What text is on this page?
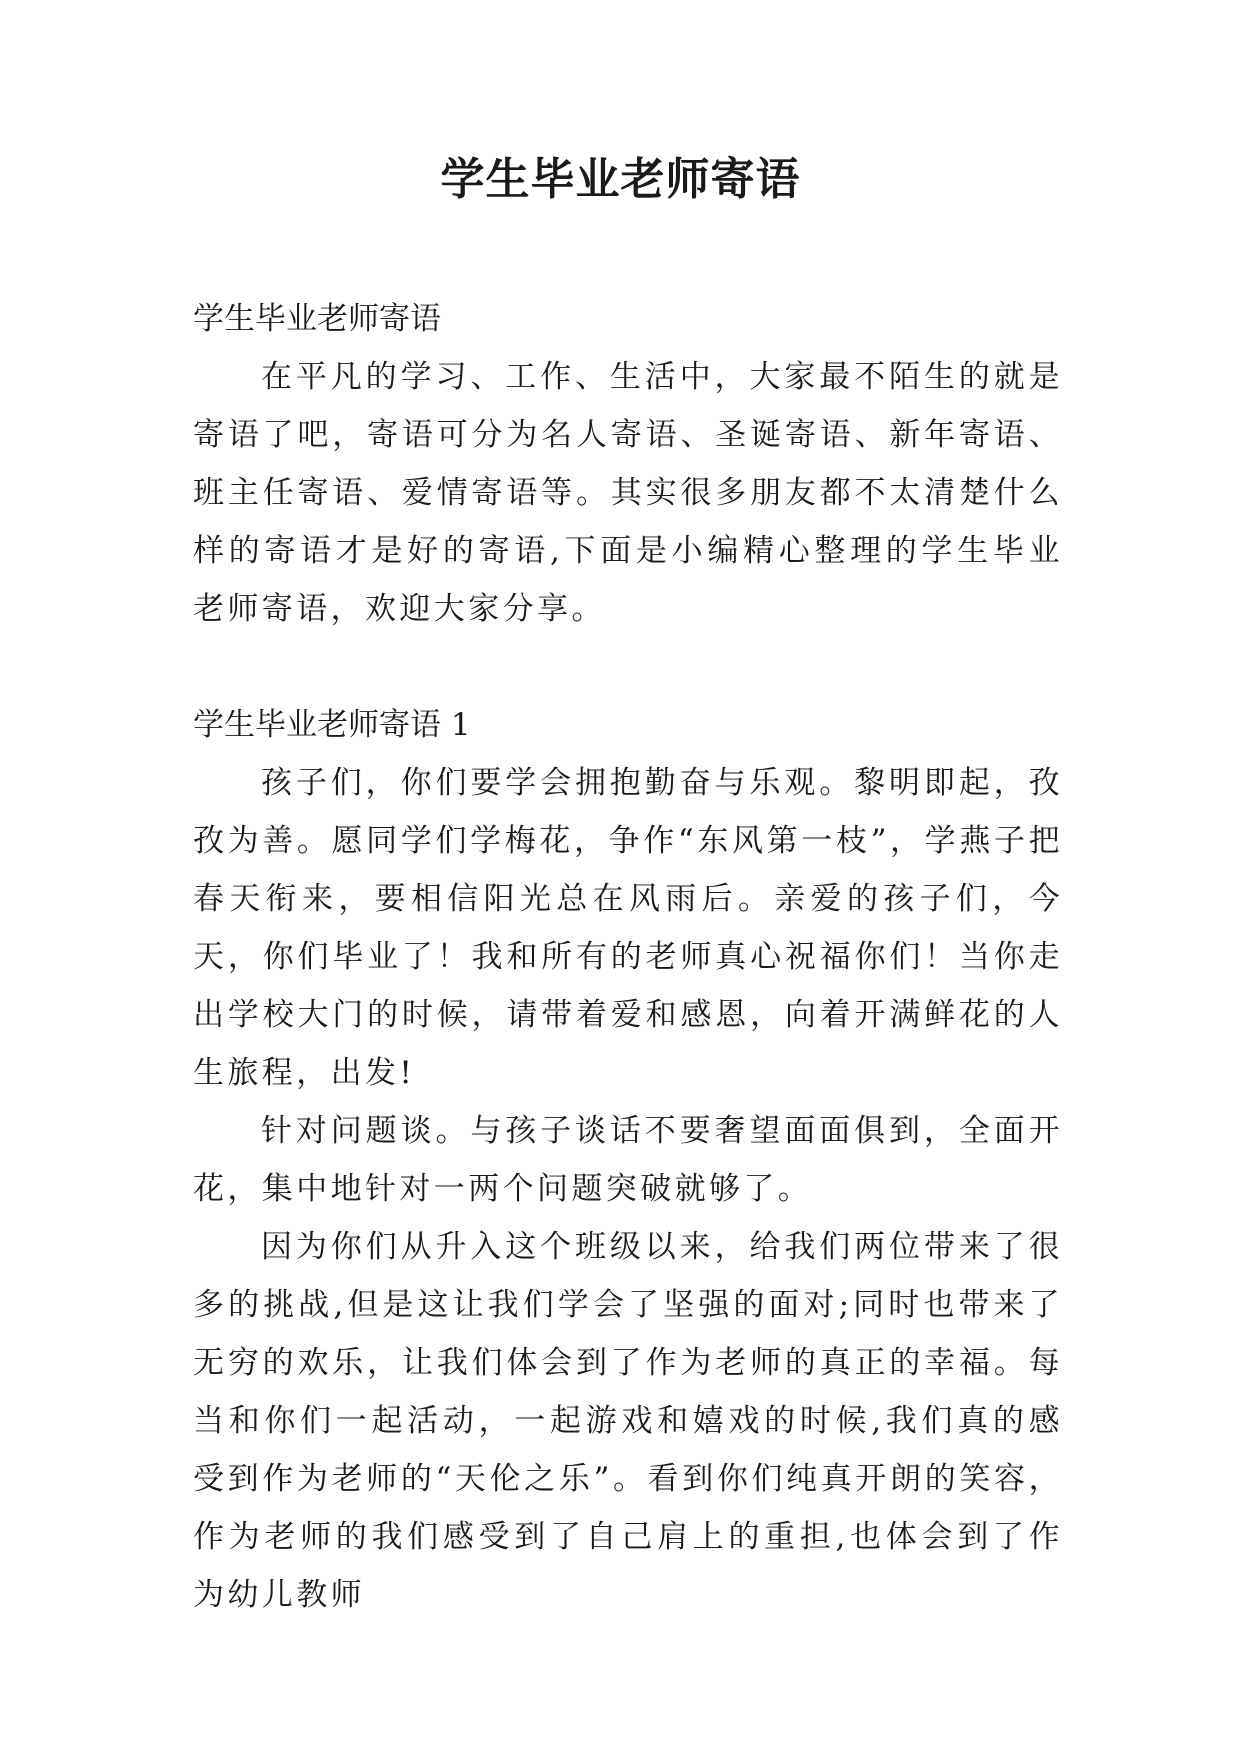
学生毕业老师寄语

学生毕业老师寄语

在平凡的学习、工作、生活中，大家最不陌生的就是寄语了吧，寄语可分为名人寄语、圣诞寄语、新年寄语、班主任寄语、爱情寄语等。其实很多朋友都不太清楚什么样的寄语才是好的寄语,下面是小编精心整理的学生毕业老师寄语，欢迎大家分享。

学生毕业老师寄语 1

孩子们，你们要学会拥抱勤奋与乐观。黎明即起，孜孜为善。愿同学们学梅花，争作“东风第一枝”，学燕子把春天衔来，要相信阳光总在风雨后。亲爱的孩子们，今天，你们毕业了！我和所有的老师真心祝福你们！当你走出学校大门的时候，请带着爱和感恩，向着开满鲜花的人生旅程，出发!

针对问题谈。与孩子谈话不要奢望面面俱到，全面开花，集中地针对一两个问题突破就够了。

因为你们从升入这个班级以来，给我们两位带来了很多的挑战,但是这让我们学会了坚强的面对;同时也带来了无穷的欢乐，让我们体会到了作为老师的真正的幸福。每当和你们一起活动，一起游戏和嬉戏的时候,我们真的感受到作为老师的“天伦之乐”。看到你们纯真开朗的笑容，作为老师的我们感受到了自己肩上的重担,也体会到了作为幼儿教师
